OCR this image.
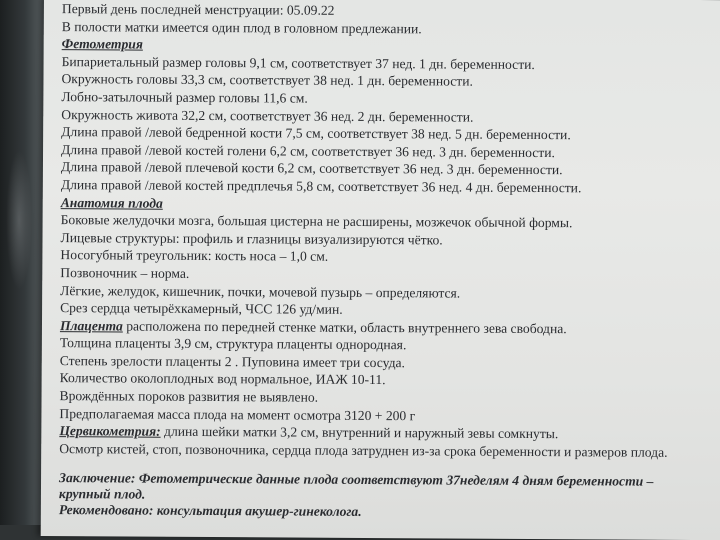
Первый день последней менструации: 05.09.22
В полости матки имеется один плод в головном предлежании.
Фетометрия
Бипариетальный размер головы 9,1 см, соответствует 37 нед. 1 дн. беременности.
Окружность головы 33,3 см, соответствует 38 нед. 1 дн. беременности.
Лобно-затылочный размер головы 11,6 см.
Окружность живота 32,2 см, соответствует 36 нед. 2 дн. беременности.
Длина правой /левой бедренной кости 7,5 см, соответствует 38 нед. 5 дн. беременности.
Длина правой /левой костей голени 6,2 см, соответствует 36 нед. 3 дн. беременности.
Длина правой /левой плечевой кости 6,2 см, соответствует 36 нед. 3 дн. беременности.
Длина правой /левой костей предплечья 5,8 см, соответствует 36 нед. 4 дн. беременности.
Анатомия плода
Боковые желудочки мозга, большая цистерна не расширены, мозжечок обычной формы.
Лицевые структуры: профиль и глазницы визуализируются чётко.
Носогубный треугольник: кость носа – 1,0 см.
Позвоночник – норма.
Лёгкие, желудок, кишечник, почки, мочевой пузырь – определяются.
Срез сердца четырёхкамерный, ЧСС 126 уд/мин.
Плацента расположена по передней стенке матки, область внутреннего зева свободна.
Толщина плаценты 3,9 см, структура плаценты однородная.
Степень зрелости плаценты 2 . Пуповина имеет три сосуда.
Количество околоплодных вод нормальное, ИАЖ 10-11.
Врождённых пороков развития не выявлено.
Предполагаемая масса плода на момент осмотра 3120 + 200 г
Цервикометрия: длина шейки матки 3,2 см, внутренний и наружный зевы сомкнуты.
Осмотр кистей, стоп, позвоночника, сердца плода затруднен из-за срока беременности и размеров плода.
Заключение: Фетометрические данные плода соответствуют 37неделям 4 дням беременности –
крупный плод.
Рекомендовано: консультация акушер-гинеколога.
